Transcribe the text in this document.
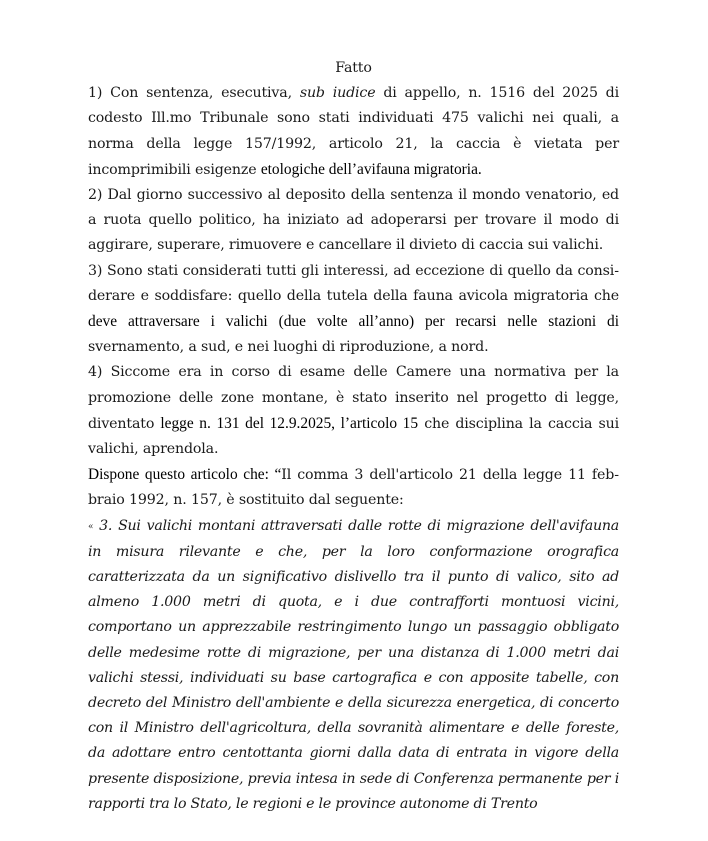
Fatto

1) Con sentenza, esecutiva, sub iudice di appello, n. 1516 del 2025 di codesto Ill.mo Tribunale sono stati individuati 475 valichi nei quali, a norma della legge 157/1992, articolo 21, la caccia è vietata per incomprimibili esigenze etologiche dell’avifauna migratoria.

2) Dal giorno successivo al deposito della sentenza il mondo venatorio, ed a ruota quello politico, ha iniziato ad adoperarsi per trovare il modo di aggirare, superare, rimuovere e cancellare il divieto di caccia sui valichi.

3) Sono stati considerati tutti gli interessi, ad eccezione di quello da considerare e soddisfare: quello della tutela della fauna avicola migratoria che deve attraversare i valichi (due volte all’anno) per recarsi nelle stazioni di svernamento, a sud, e nei luoghi di riproduzione, a nord.

4) Siccome era in corso di esame delle Camere una normativa per la promozione delle zone montane, è stato inserito nel progetto di legge, diventato legge n. 131 del 12.9.2025, l’articolo 15 che disciplina la caccia sui valichi, aprendola.

Dispone questo articolo che: “Il comma 3 dell'articolo 21 della legge 11 febbraio 1992, n. 157, è sostituito dal seguente:

« 3. Sui valichi montani attraversati dalle rotte di migrazione dell'avifauna in misura rilevante e che, per la loro conformazione orografica caratterizzata da un significativo dislivello tra il punto di valico, sito ad almeno 1.000 metri di quota, e i due contrafforti montuosi vicini, comportano un apprezzabile restringimento lungo un passaggio obbligato delle medesime rotte di migrazione, per una distanza di 1.000 metri dai valichi stessi, individuati su base cartografica e con apposite tabelle, con decreto del Ministro dell'ambiente e della sicurezza energetica, di concerto con il Ministro dell'agricoltura, della sovranità alimentare e delle foreste, da adottare entro centottanta giorni dalla data di entrata in vigore della presente disposizione, previa intesa in sede di Conferenza permanente per i rapporti tra lo Stato, le regioni e le province autonome di Trento
